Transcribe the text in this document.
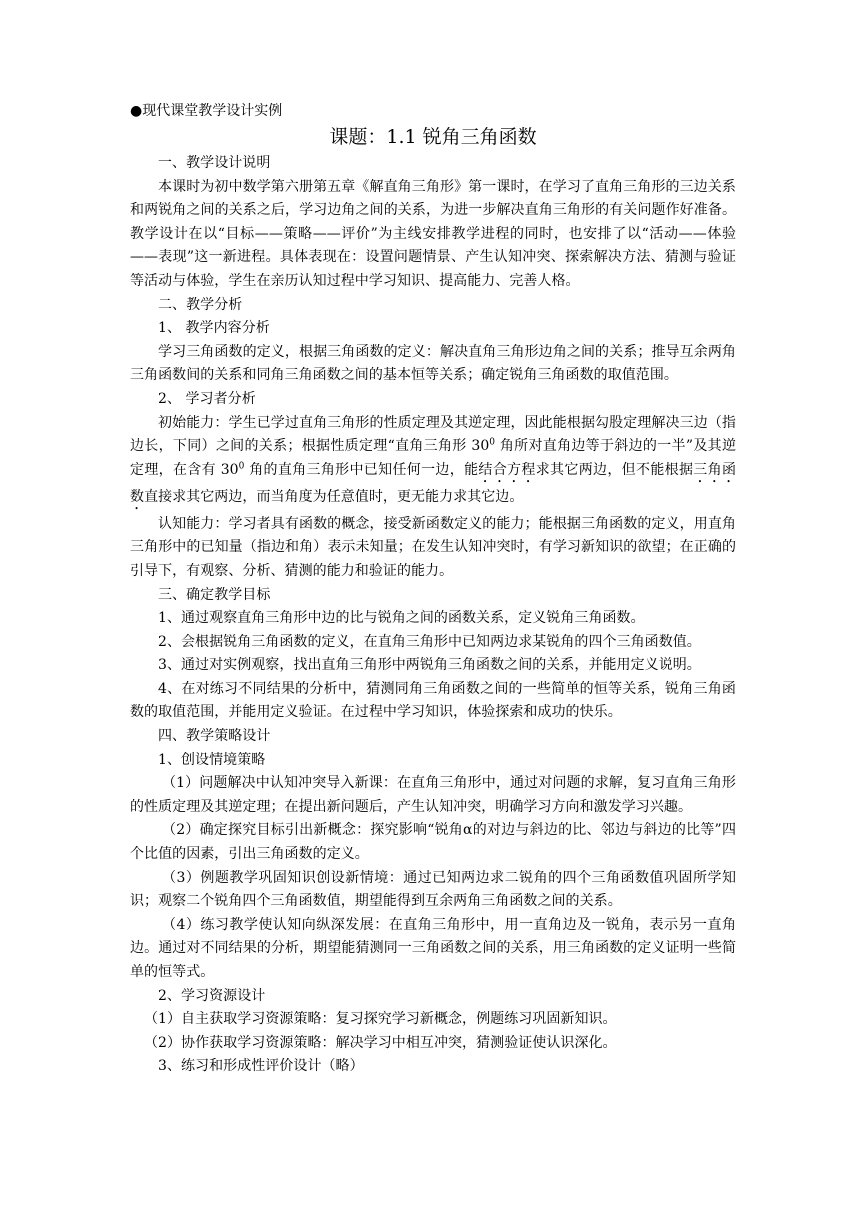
●现代课堂教学设计实例

课题：1.1 锐角三角函数

一、教学设计说明

本课时为初中数学第六册第五章《解直角三角形》第一课时，在学习了直角三角形的三边关系和两锐角之间的关系之后，学习边角之间的关系，为进一步解决直角三角形的有关问题作好准备。教学设计在以“目标——策略——评价”为主线安排教学进程的同时，也安排了以“活动——体验——表现”这一新进程。具体表现在：设置问题情景、产生认知冲突、探索解决方法、猜测与验证等活动与体验，学生在亲历认知过程中学习知识、提高能力、完善人格。

二、教学分析

1、 教学内容分析

学习三角函数的定义，根据三角函数的定义：解决直角三角形边角之间的关系；推导互余两角三角函数间的关系和同角三角函数之间的基本恒等关系；确定锐角三角函数的取值范围。

2、 学习者分析

初始能力：学生已学过直角三角形的性质定理及其逆定理，因此能根据勾股定理解决三边（指边长，下同）之间的关系；根据性质定理“直角三角形 $30^0$ 角所对直角边等于斜边的一半”及其逆定理，在含有 $30^0$ 角的直角三角形中已知任何一边，能结合方程求其它两边，但不能根据三角函数直接求其它两边，而当角度为任意值时，更无能力求其它边。

认知能力：学习者具有函数的概念，接受新函数定义的能力；能根据三角函数的定义，用直角三角形中的已知量（指边和角）表示未知量；在发生认知冲突时，有学习新知识的欲望；在正确的引导下，有观察、分析、猜测的能力和验证的能力。

三、确定教学目标

1、通过观察直角三角形中边的比与锐角之间的函数关系，定义锐角三角函数。

2、会根据锐角三角函数的定义，在直角三角形中已知两边求某锐角的四个三角函数值。

3、通过对实例观察，找出直角三角形中两锐角三角函数之间的关系，并能用定义说明。

4、在对练习不同结果的分析中，猜测同角三角函数之间的一些简单的恒等关系，锐角三角函数的取值范围，并能用定义验证。在过程中学习知识，体验探索和成功的快乐。

四、教学策略设计

1、创设情境策略

（1）问题解决中认知冲突导入新课：在直角三角形中，通过对问题的求解，复习直角三角形的性质定理及其逆定理；在提出新问题后，产生认知冲突，明确学习方向和激发学习兴趣。

（2）确定探究目标引出新概念：探究影响“锐角α的对边与斜边的比、邻边与斜边的比等”四个比值的因素，引出三角函数的定义。

（3）例题教学巩固知识创设新情境：通过已知两边求二锐角的四个三角函数值巩固所学知识；观察二个锐角四个三角函数值，期望能得到互余两角三角函数之间的关系。

（4）练习教学使认知向纵深发展：在直角三角形中，用一直角边及一锐角，表示另一直角边。通过对不同结果的分析，期望能猜测同一三角函数之间的关系，用三角函数的定义证明一些简单的恒等式。

2、学习资源设计

（1）自主获取学习资源策略：复习探究学习新概念，例题练习巩固新知识。

（2）协作获取学习资源策略：解决学习中相互冲突，猜测验证使认识深化。

3、练习和形成性评价设计（略）
